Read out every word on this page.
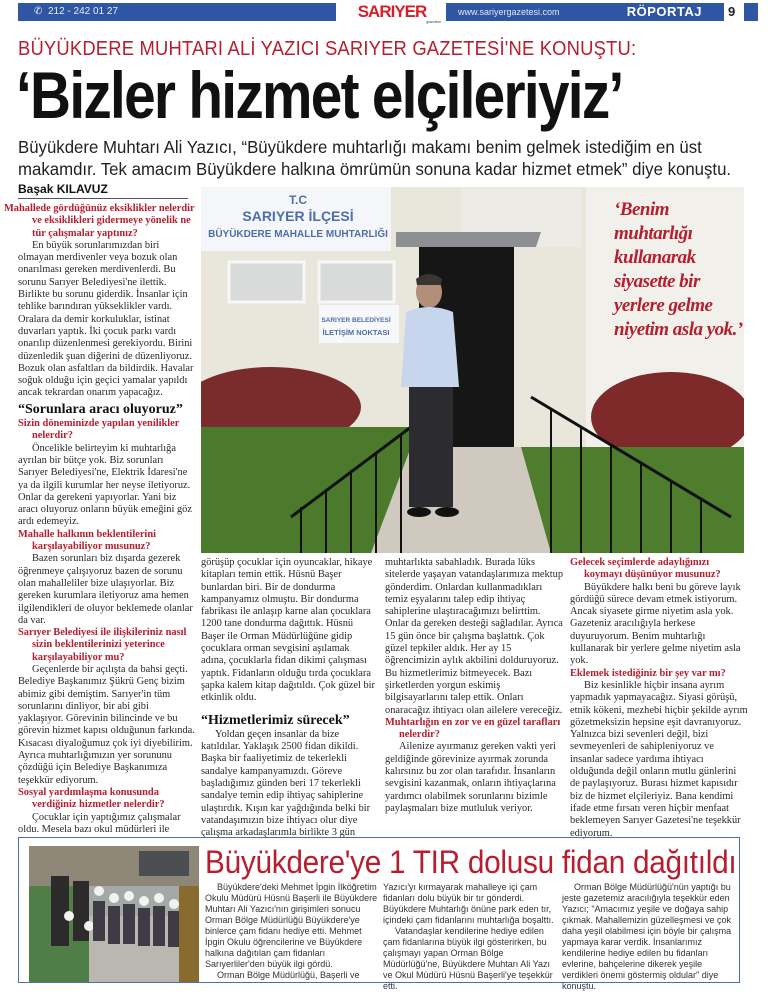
✆ 212 - 242 01 27	SARIYER
gazetesi
www.sariyergazetesi.com	RÖPORTAJ 9
BÜYÜKDERE MUHTARI ALİ YAZICI SARIYER GAZETESİ'NE KONUŞTU:
‘Bizler hizmet elçileriyiz’
Büyükdere Muhtarı Ali Yazıcı, “Büyükdere muhtarlığı makamı benim gelmek istediğim en üst makamdır. Tek amacım Büyükdere halkına ömrümün sonuna kadar hizmet etmek” diye konuştu.
Başak KILAVUZ
Mahallede gördüğünüz eksiklikler nelerdir ve eksiklikleri gidermeye yönelik ne tür çalışmalar yaptınız?

En büyük sorunlarımızdan biri olmayan merdivenler veya bozuk olan onarılması gereken merdivenlerdi. Bu sorunu Sarıyer Belediyesi'ne ilettik. Birlikte bu sorunu giderdik. İnsanlar için tehlike barındıran yükseklikler vardı. Oralara da demir korkuluklar, istinat duvarları yaptık. İki çocuk parkı vardı onarılıp düzenlenmesi gerekiyordu. Birini düzenledik şuan diğerini de düzenliyoruz. Bozuk olan asfaltları da bildirdik. Havalar soğuk olduğu için geçici yamalar yapıldı ancak tekrardan onarım yapacağız.

“Sorunlara aracı oluyoruz”
Sizin döneminizde yapılan yenilikler nelerdir?

Öncelikle belirteyim ki muhtarlığa ayrılan bir bütçe yok. Biz sorunları Sarıyer Belediyesi'ne, Elektrik İdaresi'ne ya da ilgili kurumlar her neyse iletiyoruz. Onlar da gerekeni yapıyorlar. Yani biz aracı oluyoruz onların büyük emeğini göz ardı edemeyiz.

Mahalle halkının beklentilerini karşılayabiliyor musunuz?

Bazen sorunları biz dışarda gezerek öğrenmeye çalışıyoruz bazen de sorunu olan mahalleliler bize ulaşıyorlar. Biz gereken kurumlara iletiyoruz ama hemen ilgilendikleri de oluyor beklemede olanlar da var.

Sarıyer Belediyesi ile ilişkileriniz nasıl sizin beklentilerinizi yeterince karşılayabiliyor mu?

Geçenlerde bir açılışta da bahsi geçti. Belediye Başkanımız Şükrü Genç bizim abimiz gibi demiştim. Sarıyer'in tüm sorunlarını dinliyor, bir abi gibi yaklaşıyor. Görevinin bilincinde ve bu görevin hizmet kapısı olduğunun farkında. Kısacası diyaloğumuz çok iyi diyebilirim. Ayrıca muhtarlığımızın yer sorununu çözdüğü için Belediye Başkanımıza teşekkür ediyorum.

Sosyal yardımlaşma konusunda verdiğiniz hizmetler nelerdir?

Çocuklar için yaptığımız çalışmalar oldu. Mesela bazı okul müdürleri ile

SARIYER BELEDİYESİ
İLETİŞİM NOKTASI
T.C
SARIYER İLÇESİ
BÜYÜKDERE MAHALLE MUHTARLIĞI
‘Benim muhtarlığı kullanarak siyasette bir yerlere gelme niyetim asla yok.’

görüşüp çocuklar için oyuncaklar, hikaye kitapları temin ettik. Hüsnü Başer bunlardan biri. Bir de dondurma kampanyamız olmuştu. Bir dondurma fabrikası ile anlaşıp karne alan çocuklara 1200 tane dondurma dağıttık. Hüsnü Başer ile Orman Müdürlüğüne gidip çocuklara orman sevgisini aşılamak adına, çocuklarla fidan dikimi çalışması yaptık. Fidanların olduğu tırda çocuklara şapka kalem kitap dağıtıldı. Çok güzel bir etkinlik oldu.

“Hizmetlerimiz sürecek”

Yoldan geçen insanlar da bize katıldılar. Yaklaşık 2500 fidan dikildi. Başka bir faaliyetimiz de tekerlekli sandalye kampanyamızdı. Göreve başladığımız günden beri 17 tekerlekli sandalye temin edip ihtiyaç sahiplerine ulaştırdık. Kışın kar yağdığında belki bir vatandaşımızın bize ihtiyacı olur diye çalışma arkadaşlarımla birlikte 3 gün

muhtarlıkta sabahladık. Burada lüks sitelerde yaşayan vatandaşlarımıza mektup gönderdim. Onlardan kullanmadıkları temiz eşyalarını talep edip ihtiyaç sahiplerine ulaştıracağımızı belirttim. Onlar da gereken desteği sağladılar. Ayrıca 15 gün önce bir çalışma başlattık. Çok güzel tepkiler aldık. Her ay 15 öğrencimizin aylık akbilini dolduruyoruz. Bu hizmetlerimiz bitmeyecek. Bazı şirketlerden yorgun eskimiş bilgisayarlarını talep ettik. Onları onaracağız ihtiyacı olan ailelere vereceğiz.

Muhtarlığın en zor ve en güzel tarafları nelerdir?

Ailenize ayırmanız gereken vakti yeri geldiğinde görevinize ayırmak zorunda kalırsınız bu zor olan tarafıdır. İnsanların sevgisini kazanmak, onların ihtiyaçlarına yardımcı olabilmek sorunlarını bizimle paylaşmaları bize mutluluk veriyor.

Gelecek seçimlerde adaylığınızı koymayı düşünüyor musunuz?

Büyükdere halkı beni bu göreve layık gördüğü sürece devam etmek istiyorum. Ancak siyasete girme niyetim asla yok. Gazeteniz aracılığıyla herkese duyuruyorum. Benim muhtarlığı kullanarak bir yerlere gelme niyetim asla yok.

Eklemek istediğiniz bir şey var mı?

Biz kesinlikle hiçbir insana ayrım yapmadık yapmayacağız. Siyasi görüşü, etnik kökeni, mezhebi hiçbir şekilde ayrım gözetmeksizin hepsine eşit davranıyoruz. Yalnızca bizi sevenleri değil, bizi sevmeyenleri de sahipleniyoruz ve insanlar sadece yardıma ihtiyacı olduğunda değil onların mutlu günlerini de paylaşıyoruz. Burası hizmet kapısıdır biz de hizmet elçileriyiz. Bana kendimi ifade etme fırsatı veren hiçbir menfaat beklemeyen Sarıyer Gazetesi'ne teşekkür ediyorum.

Büyükdere'ye 1 TIR dolusu fidan dağıtıldı

Büyükdere'deki Mehmet İpgin İlköğretim Okulu Müdürü Hüsnü Başerli ile Büyükdere Muhtarı Ali Yazıcı'nın girişimleri sonucu Orman Bölge Müdürlüğü Büyükdere'ye binlerce çam fidanı hediye etti. Mehmet İpgin Okulu öğrencilerine ve Büyükdere halkına dağıtılan çam fidanları Sarıyerliler'den büyük ilgi gördü.

Orman Bölge Müdürlüğü, Başerli ve

Yazıcı'yı kırmayarak mahalleye içi çam fidanları dolu büyük bir tır gönderdi. Büyükdere Muhtarlığı önüne park eden tır, içindeki çam fidanlarını muhtarlığa boşalttı.

Vatandaşlar kendilerine hediye edilen çam fidanlarına büyük ilgi gösterirken, bu çalışmayı yapan Orman Bölge Müdürlüğü'ne, Büyükdere Muhtarı Ali Yazı ve Okul Müdürü Hüsnü Başerli'ye teşekkür etti.

Orman Bölge Müdürlüğü'nün yaptığı bu jeste gazetemiz aracılığıyla teşekkür eden Yazıcı; "Amacımız yeşile ve doğaya sahip çıkmak. Mahallemizin güzelleşmesi ve çok daha yeşil olabilmesi için böyle bir çalışma yapmaya karar verdik. İnsanlarımız kendilerine hediye edilen bu fidanları evlerine, bahçelerine dikerek yeşile verdikleri önemi göstermiş oldular" diye konuştu.
